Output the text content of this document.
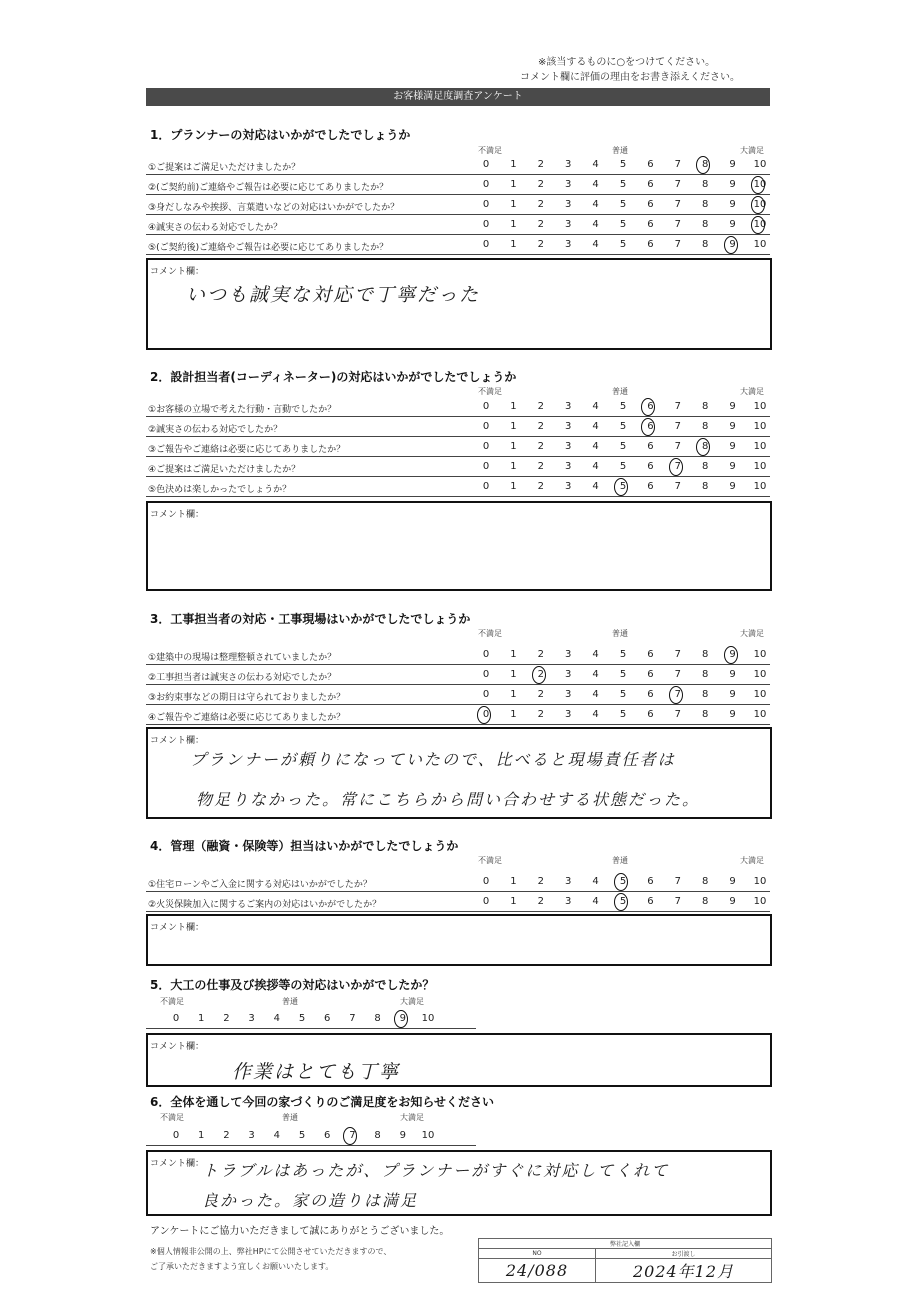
※該当するものに○をつけてください。
コメント欄に評価の理由をお書き添えください。
お客様満足度調査アンケート
1．プランナーの対応はいかがでしたでしょうか
不満足	普通	大満足
コメント欄：
いつも誠実な対応で丁寧だった
2．設計担当者(コーディネーター)の対応はいかがでしたでしょうか
不満足	普通	大満足
コメント欄：
3．工事担当者の対応・工事現場はいかがでしたでしょうか
不満足	普通	大満足
コメント欄：
プランナーが頼りになっていたので、比べると現場責任者は
物足りなかった。常にこちらから問い合わせする状態だった。
4．管理（融資・保険等）担当はいかがでしたでしょうか
不満足	普通	大満足
コメント欄：
5．大工の仕事及び挨拶等の対応はいかがでしたか？
不満足	普通	大満足
コメント欄：
作業はとても丁寧
6．全体を通して今回の家づくりのご満足度をお知らせください
不満足	普通	大満足
コメント欄：
トラブルはあったが、プランナーがすぐに対応してくれて
良かった。家の造りは満足
アンケートにご協力いただきまして誠にありがとうございました。
※個人情報非公開の上、弊社HPにて公開させていただきますので、
ご了承いただきますよう宜しくお願いいたします。
弊社記入欄	
NO	お引渡し
24/088	2024年12月
①ご提案はご満足いただけましたか？	0	1	2	3	4	5	6	7	8	9	10
②(ご契約前)ご連絡やご報告は必要に応じてありましたか？	0	1	2	3	4	5	6	7	8	9	10
③身だしなみや挨拶、言葉遣いなどの対応はいかがでしたか？	0	1	2	3	4	5	6	7	8	9	10
④誠実さの伝わる対応でしたか？	0	1	2	3	4	5	6	7	8	9	10
⑤(ご契約後)ご連絡やご報告は必要に応じてありましたか？	0	1	2	3	4	5	6	7	8	9	10
①お客様の立場で考えた行動・言動でしたか？	0	1	2	3	4	5	6	7	8	9	10
②誠実さの伝わる対応でしたか？	0	1	2	3	4	5	6	7	8	9	10
③ご報告やご連絡は必要に応じてありましたか？	0	1	2	3	4	5	6	7	8	9	10
④ご提案はご満足いただけましたか？	0	1	2	3	4	5	6	7	8	9	10
⑤色決めは楽しかったでしょうか？	0	1	2	3	4	5	6	7	8	9	10
①建築中の現場は整理整頓されていましたか？	0	1	2	3	4	5	6	7	8	9	10
②工事担当者は誠実さの伝わる対応でしたか？	0	1	2	3	4	5	6	7	8	9	10
③お約束事などの期日は守られておりましたか？	0	1	2	3	4	5	6	7	8	9	10
④ご報告やご連絡は必要に応じてありましたか？	0	1	2	3	4	5	6	7	8	9	10
①住宅ローンやご入金に関する対応はいかがでしたか？	0	1	2	3	4	5	6	7	8	9	10
②火災保険加入に関するご案内の対応はいかがでしたか？	0	1	2	3	4	5	6	7	8	9	10
0	1	2	3	4	5	6	7	8	9	10
0	1	2	3	4	5	6	7	8	9	10
